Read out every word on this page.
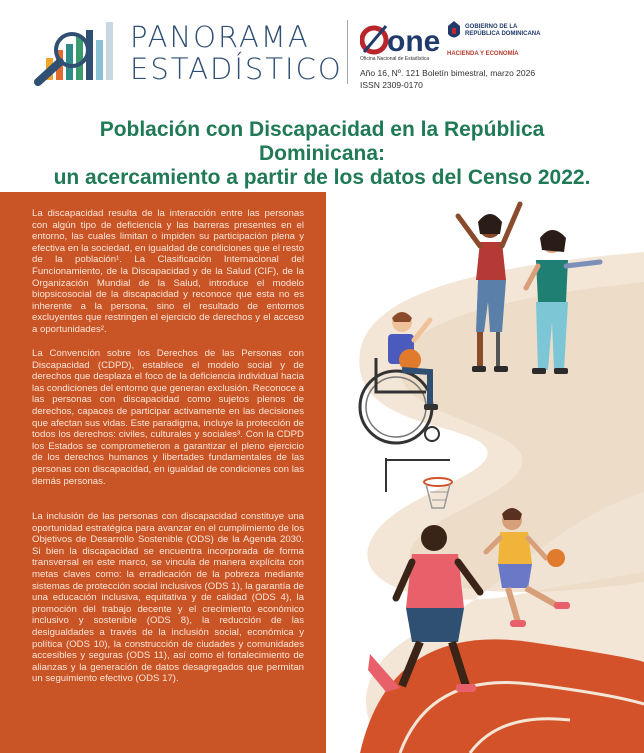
PANORAMA
ESTADÍSTICO
one
Oficina Nacional de Estadística
GOBIERNO DE LA
REPÚBLICA DOMINICANA
HACIENDA Y ECONOMÍA
Año 16, Nº. 121 Boletín bimestral, marzo 2026
ISSN 2309-0170
Población con Discapacidad en la República Dominicana:
un acercamiento a partir de los datos del Censo 2022.

La discapacidad resulta de la interacción entre las personas con algún tipo de deficiencia y las barreras presentes en el entorno, las cuales limitan o impiden su participación plena y efectiva en la sociedad, en igualdad de condiciones que el resto de la población¹. La Clasificación Internacional del Funcionamiento, de la Discapacidad y de la Salud (CIF), de la Organización Mundial de la Salud, introduce el modelo biopsicosocial de la discapacidad y reconoce que esta no es inherente a la persona, sino el resultado de entornos excluyentes que restringen el ejercicio de derechos y el acceso a oportunidades².

La Convención sobre los Derechos de las Personas con Discapacidad (CDPD), establece el modelo social y de derechos que desplaza el foco de la deficiencia individual hacia las condiciones del entorno que generan exclusión. Reconoce a las personas con discapacidad como sujetos plenos de derechos, capaces de participar activamente en las decisiones que afectan sus vidas. Este paradigma, incluye la protección de todos los derechos: civiles, culturales y sociales³. Con la CDPD los Estados se comprometieron a garantizar el pleno ejercicio de los derechos humanos y libertades fundamentales de las personas con discapacidad, en igualdad de condiciones con las demás personas.

La inclusión de las personas con discapacidad constituye una oportunidad estratégica para avanzar en el cumplimiento de los Objetivos de Desarrollo Sostenible (ODS) de la Agenda 2030. Si bien la discapacidad se encuentra incorporada de forma transversal en este marco, se vincula de manera explícita con metas claves como: la erradicación de la pobreza mediante sistemas de protección social inclusivos (ODS 1), la garantía de una educación inclusiva, equitativa y de calidad (ODS 4), la promoción del trabajo decente y el crecimiento económico inclusivo y sostenible (ODS 8), la reducción de las desigualdades a través de la inclusión social, económica y política (ODS 10), la construcción de ciudades y comunidades accesibles y seguras (ODS 11), así como el fortalecimiento de alianzas y la generación de datos desagregados que permitan un seguimiento efectivo (ODS 17).
